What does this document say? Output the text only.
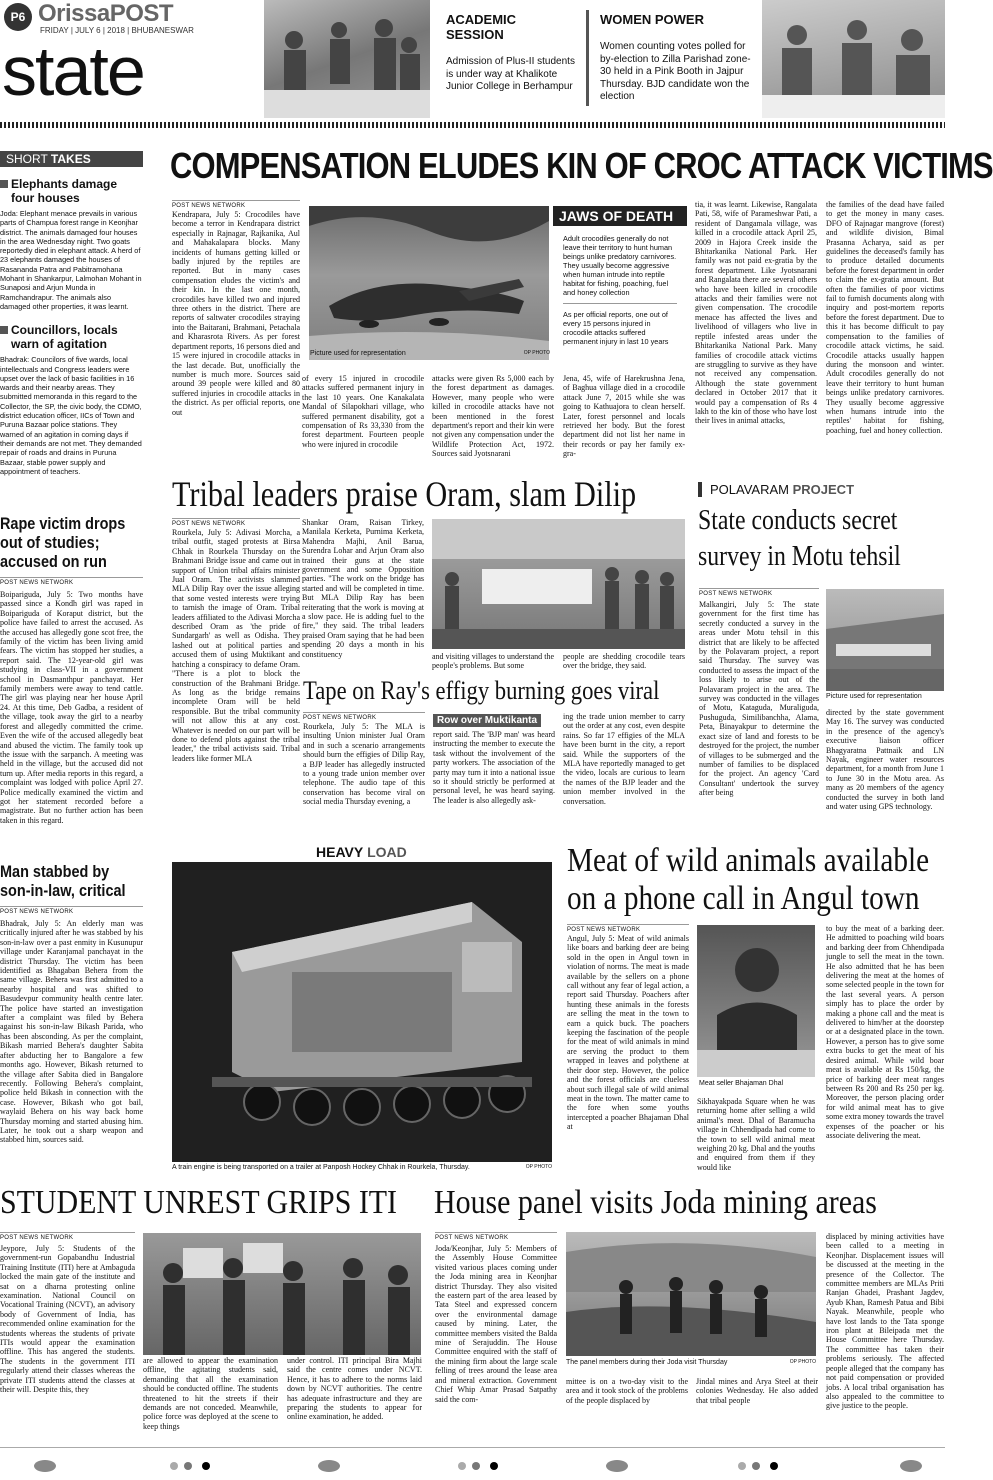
P6 OrissaPOST
FRIDAY | JULY 6 | 2018 | BHUBANESWAR
state
ACADEMIC SESSION
Admission of Plus-II students is under way at Khalikote Junior College in Berhampur
WOMEN POWER
Women counting votes polled for by-election to Zilla Parishad zone-30 held in a Pink Booth in Jajpur Thursday. BJD candidate won the election
SHORT TAKES
Elephants damage four houses
Joda: Elephant menace prevails in various parts of Champua forest range in Keonjhar district. The animals damaged four houses in the area Wednesday night. Two goats reportedly died in elephant attack. A herd of 23 elephants damaged the houses of Rasananda Patra and Pabitramohana Mohant in Shankarpur, Lalmohan Mohant in Sunaposi and Arjun Munda in Ramchandrapur. The animals also damaged other properties, it was learnt.
Councillors, locals warn of agitation
Bhadrak: Councilors of five wards, local intellectuals and Congress leaders were upset over the lack of basic facilities in 16 wards and their nearby areas. They submitted memoranda in this regard to the Collector, the SP, the civic body, the CDMO, district education officer, IICs of Town and Puruna Bazaar police stations. They warned of an agitation in coming days if their demands are not met. They demanded repair of roads and drains in Puruna Bazaar, stable power supply and appointment of teachers.
COMPENSATION ELUDES KIN OF CROC ATTACK VICTIMS
POST NEWS NETWORK
Kendrapara, July 5: Crocodiles have become a terror in Kendrapara district especially in Rajnagar, Rajkanika, Aul and Mahakalapara blocks. Many incidents of humans getting killed or badly injured by the reptiles are reported. But in many cases compensation eludes the victim's and their kin. In the last one month, crocodiles have killed two and injured three others in the district. There are reports of saltwater crocodiles straying into the Baitarani, Brahmani, Petachala and Kharasrota Rivers. As per forest department reports, 16 persons died and 15 were injured in crocodile attacks in the last decade. But, unofficially the number is much more. Sources said around 39 people were killed and 80 suffered injuries in crocodile attacks in the district. As per official reports, one out
Picture used for representation	OP PHOTO
JAWS OF DEATH
Adult crocodiles generally do not leave their territory to hunt human beings unlike predatory carnivores. They usually become aggressive when human intrude into reptile habitat for fishing, poaching, fuel and honey collection
As per official reports, one out of every 15 persons injured in crocodile attacks suffered permanent injury in last 10 years
of every 15 injured in crocodile attacks suffered permanent injury in the last 10 years. One Kanakalata Mandal of Silapokhari village, who suffered permanent disability, got a compensation of Rs 33,330 from the forest department. Fourteen people who were injured in crocodile
attacks were given Rs 5,000 each by the forest department as damages. However, many people who were killed in crocodile attacks have not been mentioned in the forest department's report and their kin were not given any compensation under the Wildlife Protection Act, 1972. Sources said Jyotsnarani
Jena, 45, wife of Harekrushna Jena, of Baghua village died in a crocodile attack June 7, 2015 while she was going to Kathuajora to clean herself. Later, forest personnel and locals retrieved her body. But the forest department did not list her name in their records or pay her family ex-gra-
tia, it was learnt. Likewise, Rangalata Pati, 58, wife of Parameshwar Pati, a resident of Dangamala village, was killed in a crocodile attack April 25, 2009 in Hajora Creek inside the Bhitarkanika National Park. Her family was not paid ex-gratia by the forest department. Like Jyotsnarani and Rangalata there are several others who have been killed in crocodile attacks and their families were not given compensation. The crocodile menace has affected the lives and livelihood of villagers who live in reptile infested areas under the Bhitarkanika National Park. Many families of crocodile attack victims are struggling to survive as they have not received any compensation. Although the state government declared in October 2017 that it would pay a compensation of Rs 4 lakh to the kin of those who have lost their lives in animal attacks,
the families of the dead have failed to get the money in many cases. DFO of Rajnagar mangrove (forest) and wildlife division, Bimal Prasanna Acharya, said as per guidelines the deceased's family has to produce detailed documents before the forest department in order to claim the ex-gratia amount. But often the families of poor victims fail to furnish documents along with inquiry and post-mortem reports before the forest department. Due to this it has become difficult to pay compensation to the families of crocodile attack victims, he said. Crocodile attacks usually happen during the monsoon and winter. Adult crocodiles generally do not leave their territory to hunt human beings unlike predatory carnivores. They usually become aggressive when humans intrude into the reptiles' habitat for fishing, poaching, fuel and honey collection.
Rape victim drops out of studies; accused on run
POST NEWS NETWORK
Boipariguda, July 5: Two months have passed since a Kondh girl was raped in Boipariguda of Koraput district, but the police have failed to arrest the accused. As the accused has allegedly gone scot free, the family of the victim has been living amid fears. The victim has stopped her studies, a report said. The 12-year-old girl was studying in class-VII in a government school in Dasmanthpur panchayat. Her family members were away to tend cattle. The girl was playing near her house April 24. At this time, Deb Gadba, a resident of the village, took away the girl to a nearby forest and allegedly committed the crime. Even the wife of the accused allegedly beat and abused the victim. The family took up the issue with the sarpanch. A meeting was held in the village, but the accused did not turn up. After media reports in this regard, a complaint was lodged with police April 27. Police medically examined the victim and got her statement recorded before a magistrate. But no further action has been taken in this regard.
Man stabbed by son-in-law, critical
POST NEWS NETWORK
Bhadrak, July 5: An elderly man was critically injured after he was stabbed by his son-in-law over a past enmity in Kusunupur village under Karanjamal panchayat in the district Thursday. The victim has been identified as Bhagaban Behera from the same village. Behera was first admitted to a nearby hospital and was shifted to Basudevpur community health centre later. The police have started an investigation after a complaint was filed by Behera against his son-in-law Bikash Parida, who has been absconding. As per the complaint, Bikash married Behera's daughter Sabita after abducting her to Bangalore a few months ago. However, Bikash returned to the village after Sabita died in Bangalore recently. Following Behera's complaint, police held Bikash in connection with the case. However, Bikash who got bail, waylaid Behera on his way back home Thursday morning and started abusing him. Later, he took out a sharp weapon and stabbed him, sources said.
Tribal leaders praise Oram, slam Dilip
POST NEWS NETWORK
Rourkela, July 5: Adivasi Morcha, a tribal outfit, staged protests at Birsa Chhak in Rourkela Thursday on the Brahmani Bridge issue and came out in support of Union tribal affairs minister Jual Oram. The activists slammed MLA Dilip Ray over the issue alleging that some vested interests were trying to tarnish the image of Oram. Tribal leaders affiliated to the Adivasi Morcha described Oram as 'the pride of Sundargarh' as well as Odisha. They lashed out at political parties and accused them of using Muktikant and hatching a conspiracy to defame Oram. "There is a plot to block the construction of the Brahmani Bridge. As long as the bridge remains incomplete Oram will be held responsible. But the tribal community will not allow this at any cost. Whatever is needed on our part will be done to defend plots against the tribal leader," the tribal activists said. Tribal leaders like former MLA
Shankar Oram, Raisan Tirkey, Manilala Kerketa, Purnima Kerketa, Mahendra Majhi, Anil Barua, Surendra Lohar and Arjun Oram also trained their guns at the state government and some Opposition parties. "The work on the bridge has started and will be completed in time. But MLA Dilip Ray has been reiterating that the work is moving at a slow pace. He is adding fuel to the fire," they said. The tribal leaders praised Oram saying that he had been spending 20 days a month in his constituency	and visiting villages to understand the people's problems. But some
people are shedding crocodile tears over the bridge, they said.
Tape on Ray's effigy burning goes viral
POST NEWS NETWORK
Rourkela, July 5: The MLA is insulting Union minister Jual Oram and in such a scenario arrangements should burn the effigies of Dilip Ray, a BJP leader has allegedly instructed to a young trade union member over telephone. The audio tape of this conservation has become viral on social media Thursday evening, a
Row over Muktikanta
report said. The 'BJP man' was heard instructing the member to execute the task without the involvement of the party workers. The association of the party may turn it into a national issue so it should strictly be performed at personal level, he was heard saying. The leader is also allegedly ask-
ing the trade union member to carry out the order at any cost, even despite rains. So far 17 effigies of the MLA have been burnt in the city, a report said. While the supporters of the MLA have reportedly managed to get the video, locals are curious to learn the names of the BJP leader and the union member involved in the conversation.
POLAVARAM PROJECT
State conducts secret survey in Motu tehsil
POST NEWS NETWORK
Malkangiri, July 5: The state government for the first time has secretly conducted a survey in the areas under Motu tehsil in this district that are likely to be affected by the Polavaram project, a report said Thursday. The survey was conducted to assess the impact of the loss likely to arise out of the Polavaram project in the area. The survey was conducted in the villages of Motu, Kataguda, Muraliguda, Pushuguda, Similibanchha, Alama, Peta, Binayakpur to determine the exact size of land and forests to be destroyed for the project, the number of villages to be submerged and the number of families to be displaced for the project. An agency 'Card Consultant' undertook the survey after being
Picture used for representation
directed by the state government May 16. The survey was conducted in the presence of the agency's executive liaison officer Bhagyaratna Pattnaik and LN Nayak, engineer water resources department, for a month from June 1 to June 30 in the Motu area. As many as 20 members of the agency conducted the survey in both land and water using GPS technology.
HEAVY LOAD
A train engine is being transported on a trailer at Panposh Hockey Chhak in Rourkela, Thursday.	OP PHOTO
Meat of wild animals available on a phone call in Angul town
POST NEWS NETWORK
Angul, July 5: Meat of wild animals like boars and barking deer are being sold in the open in Angul town in violation of norms. The meat is made available by the sellers on a phone call without any fear of legal action, a report said Thursday. Poachers after hunting these animals in the forests are selling the meat in the town to earn a quick buck. The poachers keeping the fascination of the people for the meat of wild animals in mind are serving the product to them wrapped in leaves and polythene at their door step. However, the police and the forest officials are clueless about such illegal sale of wild animal meat in the town. The matter came to the fore when some youths intercepted a poacher Bhajaman Dhal at
Meat seller Bhajaman Dhal
Sikhayakpada Square when he was returning home after selling a wild animal's meat. Dhal of Baramucha village in Chhendipada had come to the town to sell wild animal meat weighing 20 kg. Dhal and the youths and enquired from them if they would like
to buy the meat of a barking deer. He admitted to poaching wild boars and barking deer from Chhendipada jungle to sell the meat in the town. He also admitted that he has been delivering the meat at the homes of some selected people in the town for the last several years. A person simply has to place the order by making a phone call and the meat is delivered to him/her at the doorstep or at a designated place in the town. However, a person has to give some extra bucks to get the meat of his desired animal. While wild boar meat is available at Rs 150/kg, the price of barking deer meat ranges between Rs 200 and Rs 250 per kg. Moreover, the person placing order for wild animal meat has to give some extra money towards the travel expenses of the poacher or his associate delivering the meat.
STUDENT UNREST GRIPS ITI
POST NEWS NETWORK
Jeypore, July 5: Students of the government-run Gopabandhu Industrial Training Institute (ITI) here at Ambaguda locked the main gate of the institute and sat on a dharna protesting online examination. National Council on Vocational Training (NCVT), an advisory body of Government of India, has recommended online examination for the students whereas the students of private ITIs would appear the examination offline. This has angered the students. The students in the government ITI regularly attend their classes whereas the private ITI students attend the classes at their will. Despite this, they
are allowed to appear the examination offline, the agitating students said, demanding that all the examination should be conducted offline. The students threatened to hit the streets if their demands are not conceded. Meanwhile, police force was deployed at the scene to keep things
under control. ITI principal Bira Majhi said the centre comes under NCVT. Hence, it has to adhere to the norms laid down by NCVT authorities. The centre has adequate infrastructure and they are preparing the students to appear for online examination, he added.
House panel visits Joda mining areas
POST NEWS NETWORK
Joda/Keonjhar, July 5: Members of the Assembly House Committee visited various places coming under the Joda mining area in Keonjhar district Thursday. They also visited the eastern part of the area leased by Tata Steel and expressed concern over the environmental damage caused by mining. Later, the committee members visited the Balda mine of Serajuddin. The House Committee enquired with the staff of the mining firm about the large scale felling of trees around the lease area and mineral extraction. Government Chief Whip Amar Prasad Satpathy said the com-
The panel members during their Joda visit Thursday	OP PHOTO
mittee is on a two-day visit to the area and it took stock of the problems of the people displaced by
Jindal mines and Arya Steel at their colonies Wednesday. He also added that tribal people
displaced by mining activities have been called to a meeting in Keonjhar. Displacement issues will be discussed at the meeting in the presence of the Collector. The committee members are MLAs Priti Ranjan Ghadei, Prashant Jagdev, Ayub Khan, Ramesh Patua and Bibi Nayak. Meanwhile, people who have lost lands to the Tata sponge iron plant at Bileipada met the House Committee here Thursday. The committee has taken their problems seriously. The affected people alleged that the company has not paid compensation or provided jobs. A local tribal organisation has also appealed to the committee to give justice to the people.
